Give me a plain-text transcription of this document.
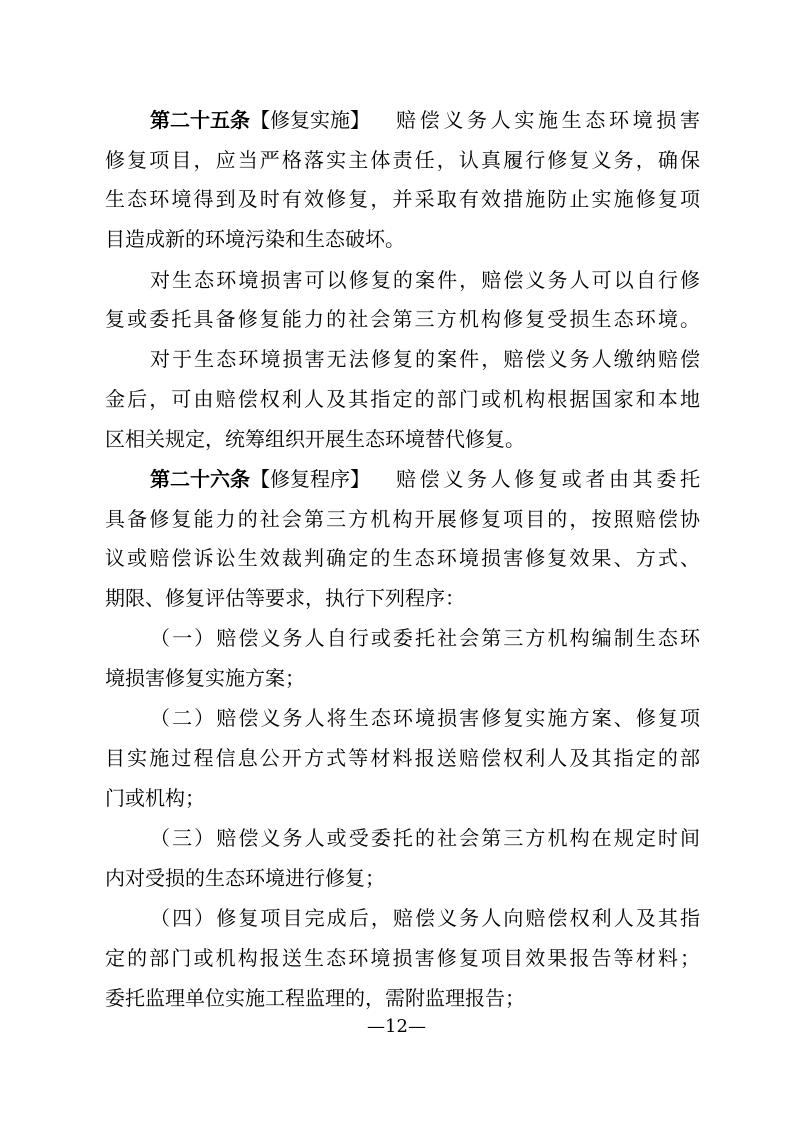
第二十五条 【修复实施】 赔偿义务人实施生态环境损害
修复项目，应当严格落实主体责任，认真履行修复义务，确保
生态环境得到及时有效修复，并采取有效措施防止实施修复项
目造成新的环境污染和生态破坏。
对生态环境损害可以修复的案件，赔偿义务人可以自行修
复或委托具备修复能力的社会第三方机构修复受损生态环境。
对于生态环境损害无法修复的案件，赔偿义务人缴纳赔偿
金后，可由赔偿权利人及其指定的部门或机构根据国家和本地
区相关规定，统筹组织开展生态环境替代修复。
第二十六条 【修复程序】 赔偿义务人修复或者由其委托
具备修复能力的社会第三方机构开展修复项目的，按照赔偿协
议或赔偿诉讼生效裁判确定的生态环境损害修复效果、方式、
期限、修复评估等要求，执行下列程序：
（一）赔偿义务人自行或委托社会第三方机构编制生态环
境损害修复实施方案；
（二）赔偿义务人将生态环境损害修复实施方案、修复项
目实施过程信息公开方式等材料报送赔偿权利人及其指定的部
门或机构；
（三）赔偿义务人或受委托的社会第三方机构在规定时间
内对受损的生态环境进行修复；
（四）修复项目完成后，赔偿义务人向赔偿权利人及其指
定的部门或机构报送生态环境损害修复项目效果报告等材料；
委托监理单位实施工程监理的，需附监理报告；
—12—
